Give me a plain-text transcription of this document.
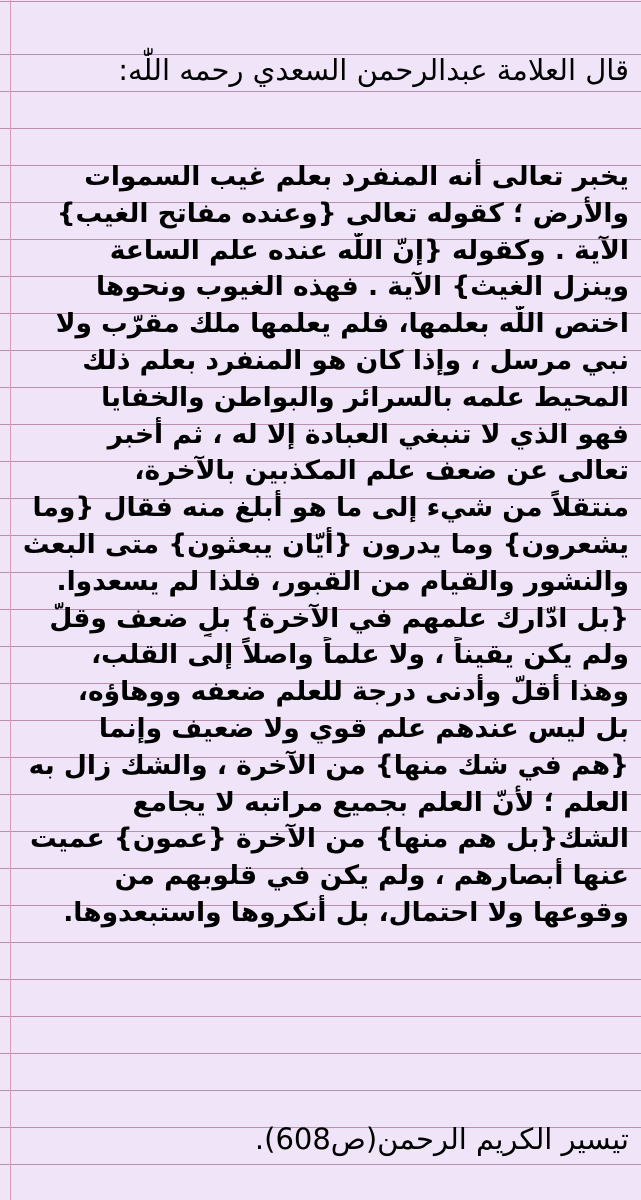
قال العلامة عبدالرحمن السعدي رحمه اللّٰه:
يخبر تعالى أنه المنفرد بعلم غيب السموات
والأرض ؛ كقوله تعالى {وعنده مفاتح الغيب}
الآية . وكقوله {إنّ اللّٰه عنده علم الساعة
وينزل الغيث} الآية . فهذه الغيوب ونحوها
اختص اللّٰه بعلمها، فلم يعلمها ملك مقرّب ولا
نبي مرسل ، وإذا كان هو المنفرد بعلم ذلك
المحيط علمه بالسرائر والبواطن والخفايا
فهو الذي لا تنبغي العبادة إلا له ، ثم أخبر
تعالى عن ضعف علم المكذبين بالآخرة،
منتقلاً من شيء إلى ما هو أبلغ منه فقال {وما
يشعرون} وما يدرون {أيّان يبعثون} متى البعث
والنشور والقيام من القبور، فلذا لم يسعدوا.
{بل ادّارك علمهم في الآخرة} بلٍ ضعف وقلّ
ولم يكن يقيناً ، ولا علماً واصلاً إلى القلب،
وهذا أقلّ وأدنى درجة للعلم ضعفه ووهاؤه،
بل ليس عندهم علم قوي ولا ضعيف وإنما
{هم في شك منها} من الآخرة ، والشك زال به
العلم ؛ لأنّ العلم بجميع مراتبه لا يجامع
الشك{بل هم منها} من الآخرة {عمون} عميت
عنها أبصارهم ، ولم يكن في قلوبهم من
وقوعها ولا احتمال، بل أنكروها واستبعدوها.
تيسير الكريم الرحمن(ص608).
